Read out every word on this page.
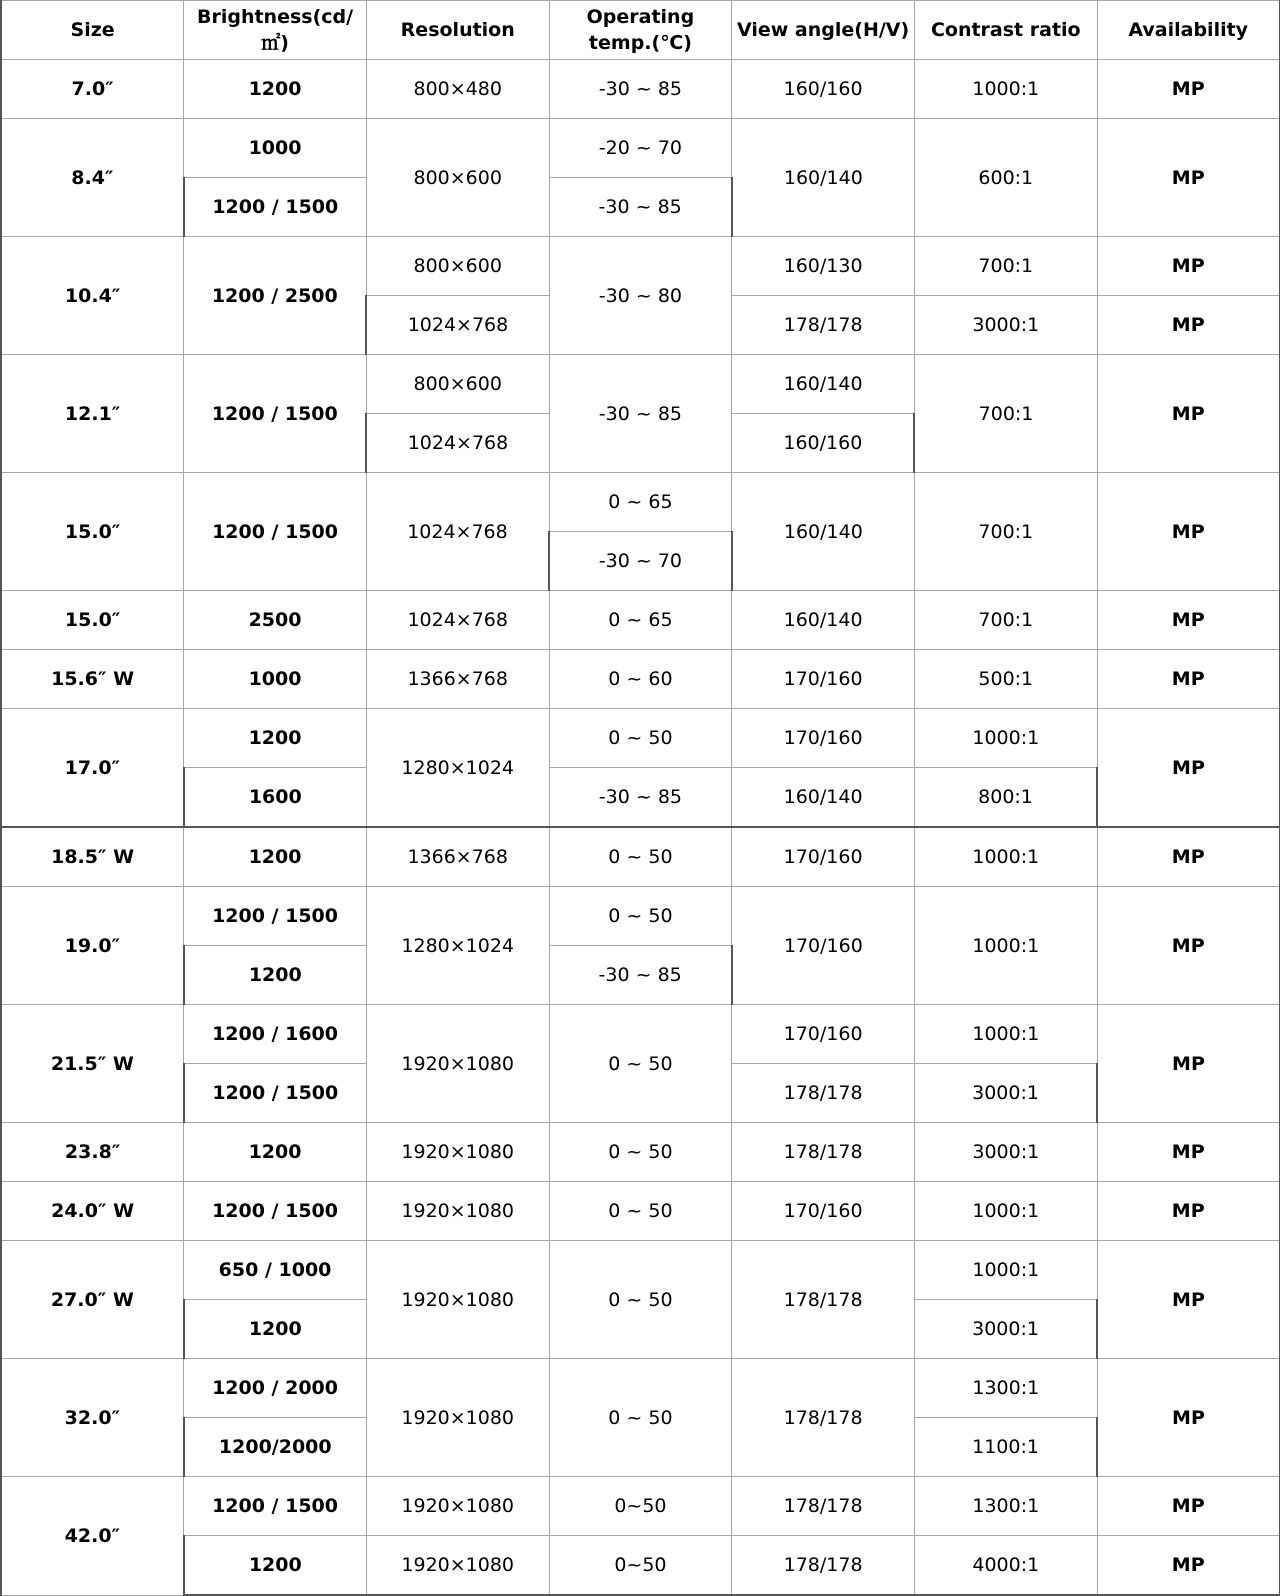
Size	Brightness(cd/㎡)	Resolution	Operating temp.(℃)	View angle(H/V)	Contrast ratio	Availability
7.0″	1200	800×480	-30 ~ 85	160/160	1000:1	MP
8.4″	1000	800×600	-20 ~ 70	160/140	600:1	MP
	1200 / 1500		-30 ~ 85			
10.4″	1200 / 2500	800×600	-30 ~ 80	160/130	700:1	MP
		1024×768		178/178	3000:1	MP
12.1″	1200 / 1500	800×600	-30 ~ 85	160/140	700:1	MP
		1024×768		160/160		
15.0″	1200 / 1500	1024×768	0 ~ 65	160/140	700:1	MP
			-30 ~ 70			
15.0″	2500	1024×768	0 ~ 65	160/140	700:1	MP
15.6″ W	1000	1366×768	0 ~ 60	170/160	500:1	MP
17.0″	1200	1280×1024	0 ~ 50	170/160	1000:1	MP
	1600		-30 ~ 85	160/140	800:1	
18.5″ W	1200	1366×768	0 ~ 50	170/160	1000:1	MP
19.0″	1200 / 1500	1280×1024	0 ~ 50	170/160	1000:1	MP
	1200		-30 ~ 85			
21.5″ W	1200 / 1600	1920×1080	0 ~ 50	170/160	1000:1	MP
	1200 / 1500			178/178	3000:1	
23.8″	1200	1920×1080	0 ~ 50	178/178	3000:1	MP
24.0″ W	1200 / 1500	1920×1080	0 ~ 50	170/160	1000:1	MP
27.0″ W	650 / 1000	1920×1080	0 ~ 50	178/178	1000:1	MP
	1200				3000:1	
32.0″	1200 / 2000	1920×1080	0 ~ 50	178/178	1300:1	MP
	1200/2000				1100:1	
42.0″	1200 / 1500	1920×1080	0~50	178/178	1300:1	MP
	1200	1920×1080	0~50	178/178	4000:1	MP
